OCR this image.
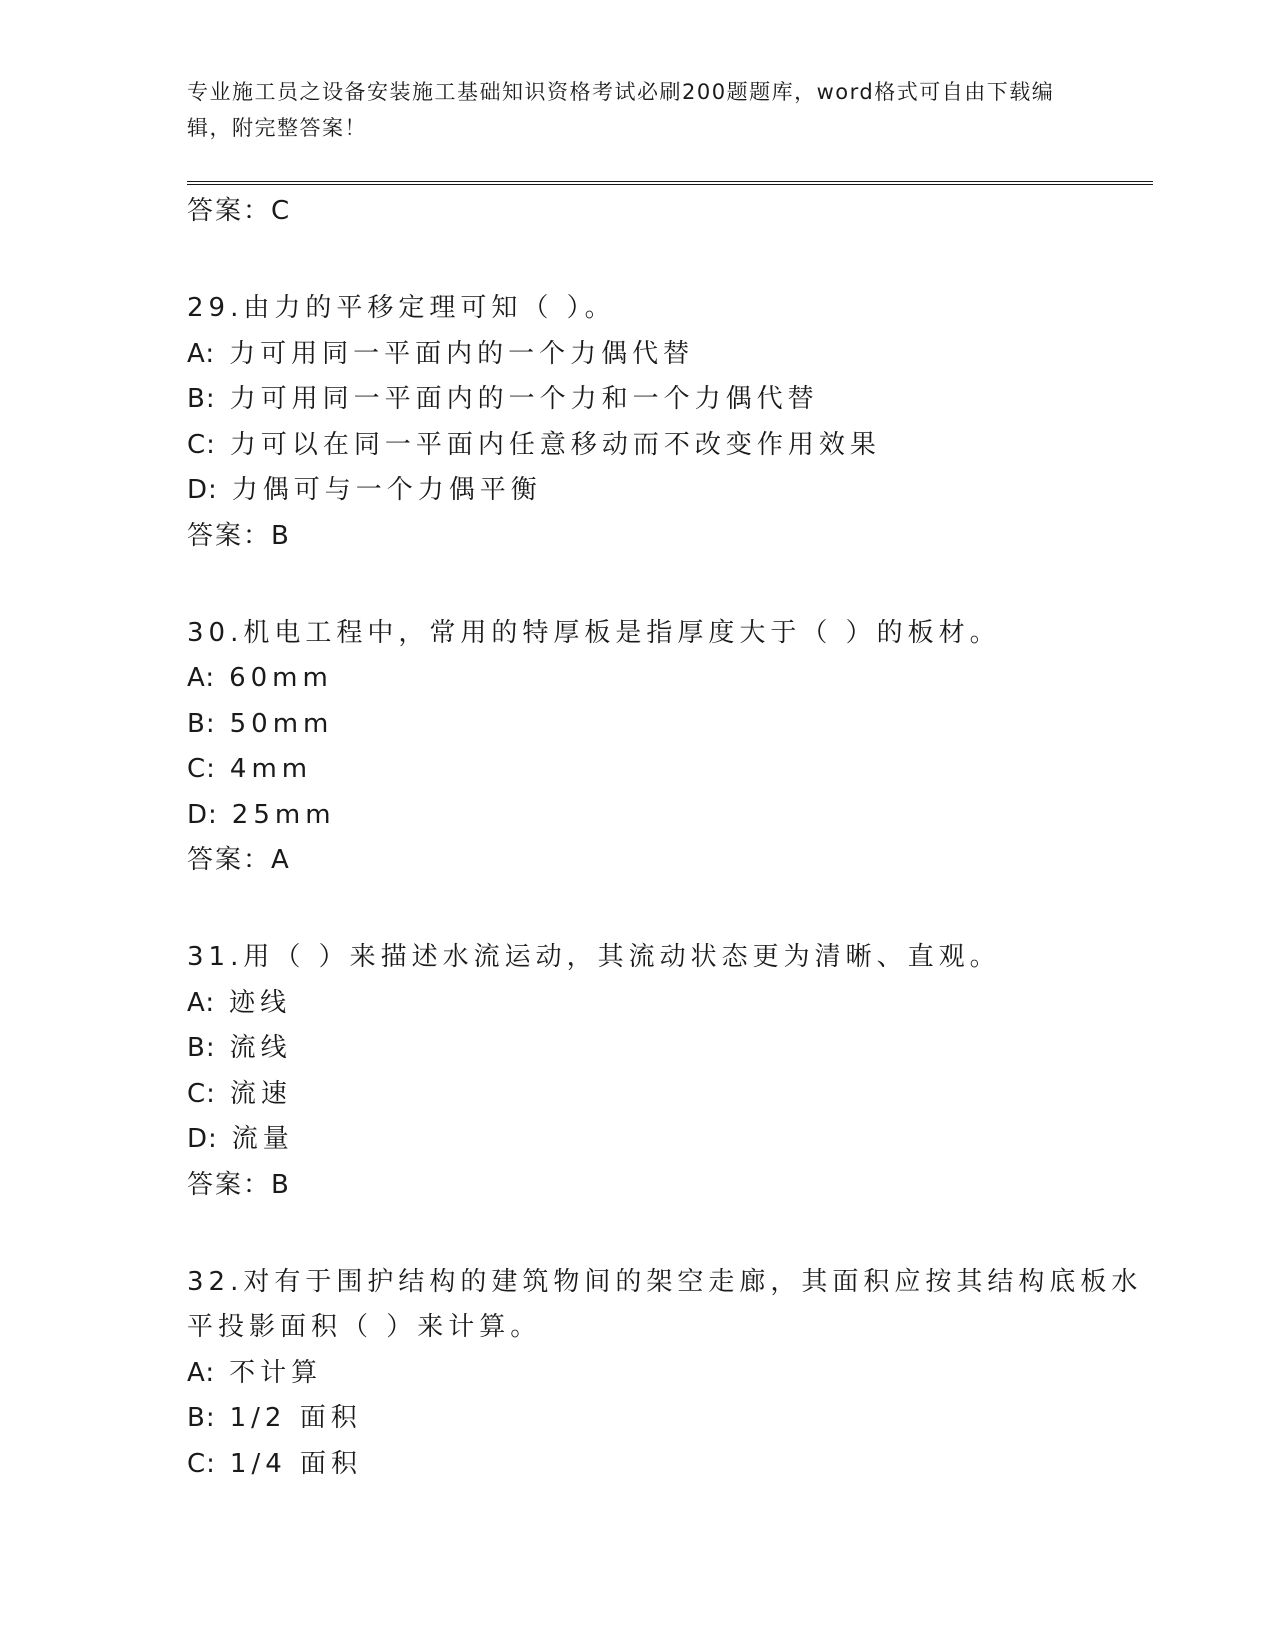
专业施工员之设备安装施工基础知识资格考试必刷200题题库，word格式可自由下载编辑，附完整答案！

答案：C

29.由力的平移定理可知（ ）。

A: 力可用同一平面内的一个力偶代替

B: 力可用同一平面内的一个力和一个力偶代替

C: 力可以在同一平面内任意移动而不改变作用效果

D: 力偶可与一个力偶平衡

答案：B

30.机电工程中，常用的特厚板是指厚度大于（ ）的板材。

A: 60mm

B: 50mm

C: 4mm

D: 25mm

答案：A

31.用（ ）来描述水流运动，其流动状态更为清晰、直观。

A: 迹线

B: 流线

C: 流速

D: 流量

答案：B

32.对有于围护结构的建筑物间的架空走廊，其面积应按其结构底板水

平投影面积（ ）来计算。

A: 不计算

B: 1/2 面积

C: 1/4 面积
